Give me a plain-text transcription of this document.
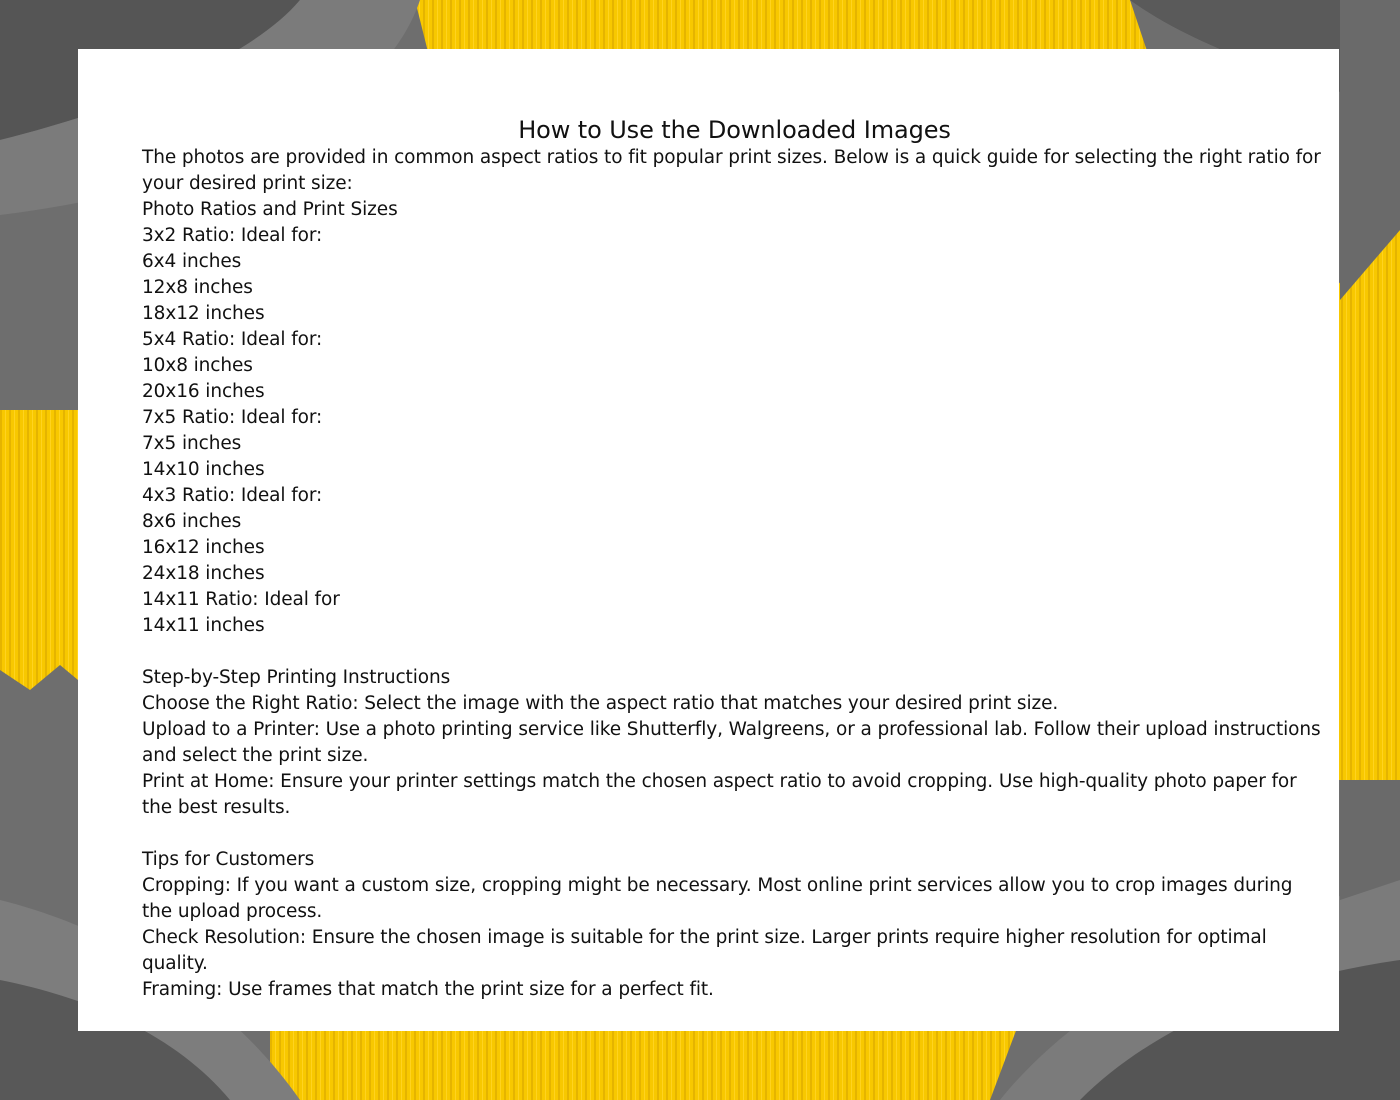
How to Use the Downloaded Images

The photos are provided in common aspect ratios to fit popular print sizes. Below is a quick guide for selecting the right ratio for your desired print size:

Photo Ratios and Print Sizes

3x2 Ratio: Ideal for:

6x4 inches

12x8 inches

18x12 inches

5x4 Ratio: Ideal for:

10x8 inches

20x16 inches

7x5 Ratio: Ideal for:

7x5 inches

14x10 inches

4x3 Ratio: Ideal for:

8x6 inches

16x12 inches

24x18 inches

14x11 Ratio: Ideal for

14x11 inches

Step-by-Step Printing Instructions

Choose the Right Ratio: Select the image with the aspect ratio that matches your desired print size.

Upload to a Printer: Use a photo printing service like Shutterfly, Walgreens, or a professional lab. Follow their upload instructions and select the print size.

Print at Home: Ensure your printer settings match the chosen aspect ratio to avoid cropping. Use high-quality photo paper for the best results.

Tips for Customers

Cropping: If you want a custom size, cropping might be necessary. Most online print services allow you to crop images during the upload process.

Check Resolution: Ensure the chosen image is suitable for the print size. Larger prints require higher resolution for optimal quality.

Framing: Use frames that match the print size for a perfect fit.
